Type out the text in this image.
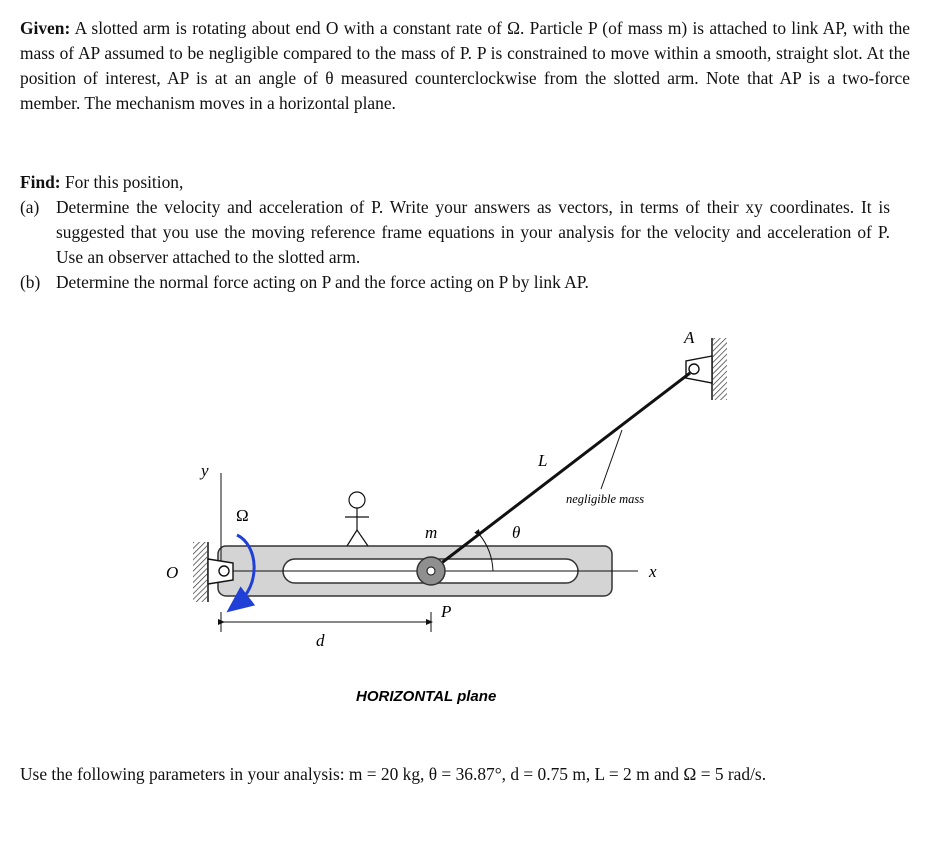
Given: A slotted arm is rotating about end O with a constant rate of Ω. Particle P (of mass m) is attached to link AP, with the mass of AP assumed to be negligible compared to the mass of P. P is constrained to move within a smooth, straight slot. At the position of interest, AP is at an angle of θ measured counterclockwise from the slotted arm. Note that AP is a two-force member. The mechanism moves in a horizontal plane.
Find: For this position,
(a) Determine the velocity and acceleration of P. Write your answers as vectors, in terms of their xy coordinates. It is suggested that you use the moving reference frame equations in your analysis for the velocity and acceleration of P. Use an observer attached to the slotted arm.
(b) Determine the normal force acting on P and the force acting on P by link AP.
A
x
y
O
Ω
L
negligible mass
θ
m
P
d
HORIZONTAL plane
Use the following parameters in your analysis: m = 20 kg, θ = 36.87°, d = 0.75 m, L = 2 m and Ω = 5 rad/s.
